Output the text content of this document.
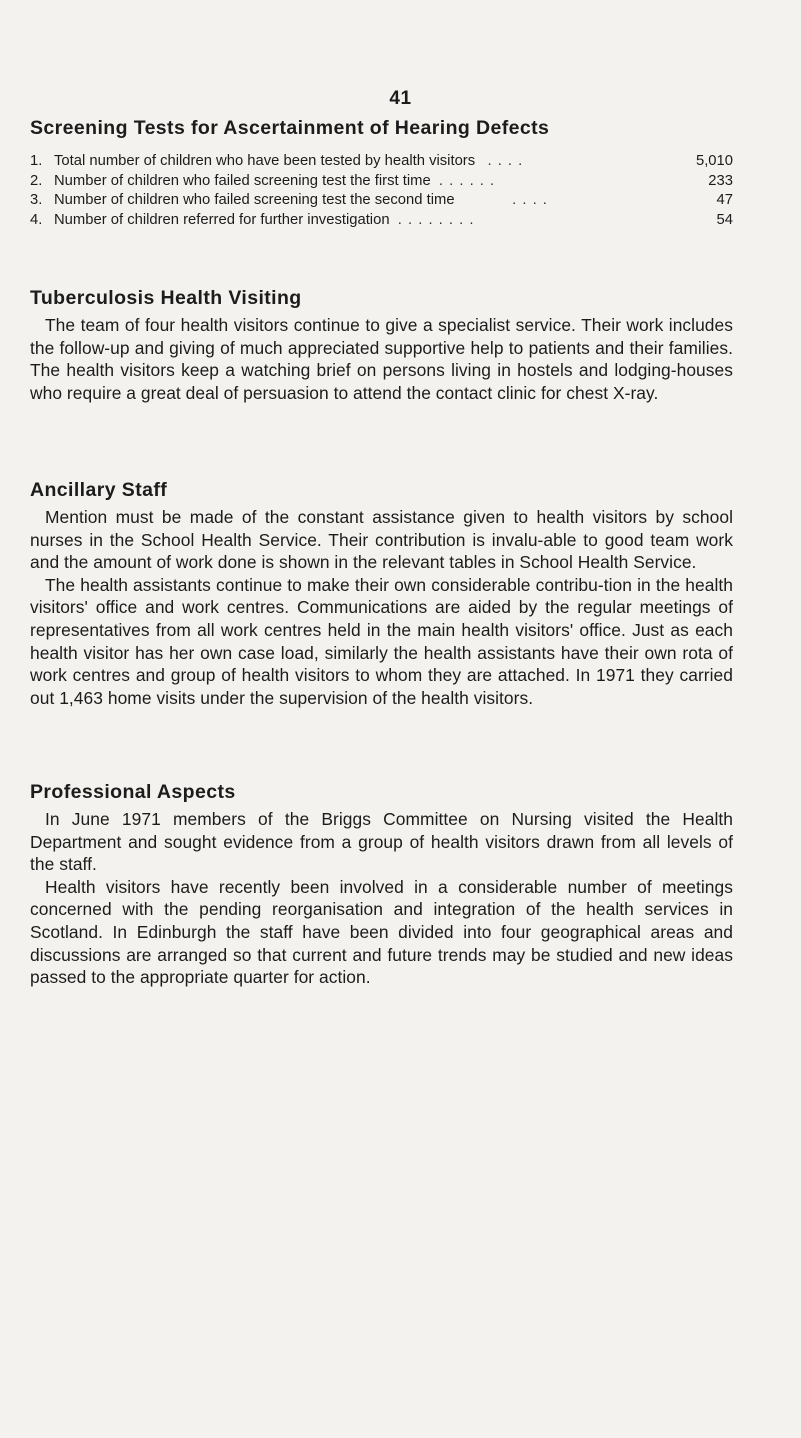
41
Screening Tests for Ascertainment of Hearing Defects
1. Total number of children who have been tested by health visitors . . . .	5,010
2. Number of children who failed screening test the first time . . . . . .	233
3. Number of children who failed screening test the second time	. . . .	47
4. Number of children referred for further investigation . . . . . . . .	54
Tuberculosis Health Visiting

The team of four health visitors continue to give a specialist service. Their work includes the follow-up and giving of much appreciated supportive help to patients and their families. The health visitors keep a watching brief on persons living in hostels and lodging-houses who require a great deal of persuasion to attend the contact clinic for chest X-ray.

Ancillary Staff

Mention must be made of the constant assistance given to health visitors by school nurses in the School Health Service. Their contribution is invalu-able to good team work and the amount of work done is shown in the relevant tables in School Health Service.

The health assistants continue to make their own considerable contribu-tion in the health visitors' office and work centres. Communications are aided by the regular meetings of representatives from all work centres held in the main health visitors' office. Just as each health visitor has her own case load, similarly the health assistants have their own rota of work centres and group of health visitors to whom they are attached. In 1971 they carried out 1,463 home visits under the supervision of the health visitors.

Professional Aspects

In June 1971 members of the Briggs Committee on Nursing visited the Health Department and sought evidence from a group of health visitors drawn from all levels of the staff.

Health visitors have recently been involved in a considerable number of meetings concerned with the pending reorganisation and integration of the health services in Scotland. In Edinburgh the staff have been divided into four geographical areas and discussions are arranged so that current and future trends may be studied and new ideas passed to the appropriate quarter for action.
